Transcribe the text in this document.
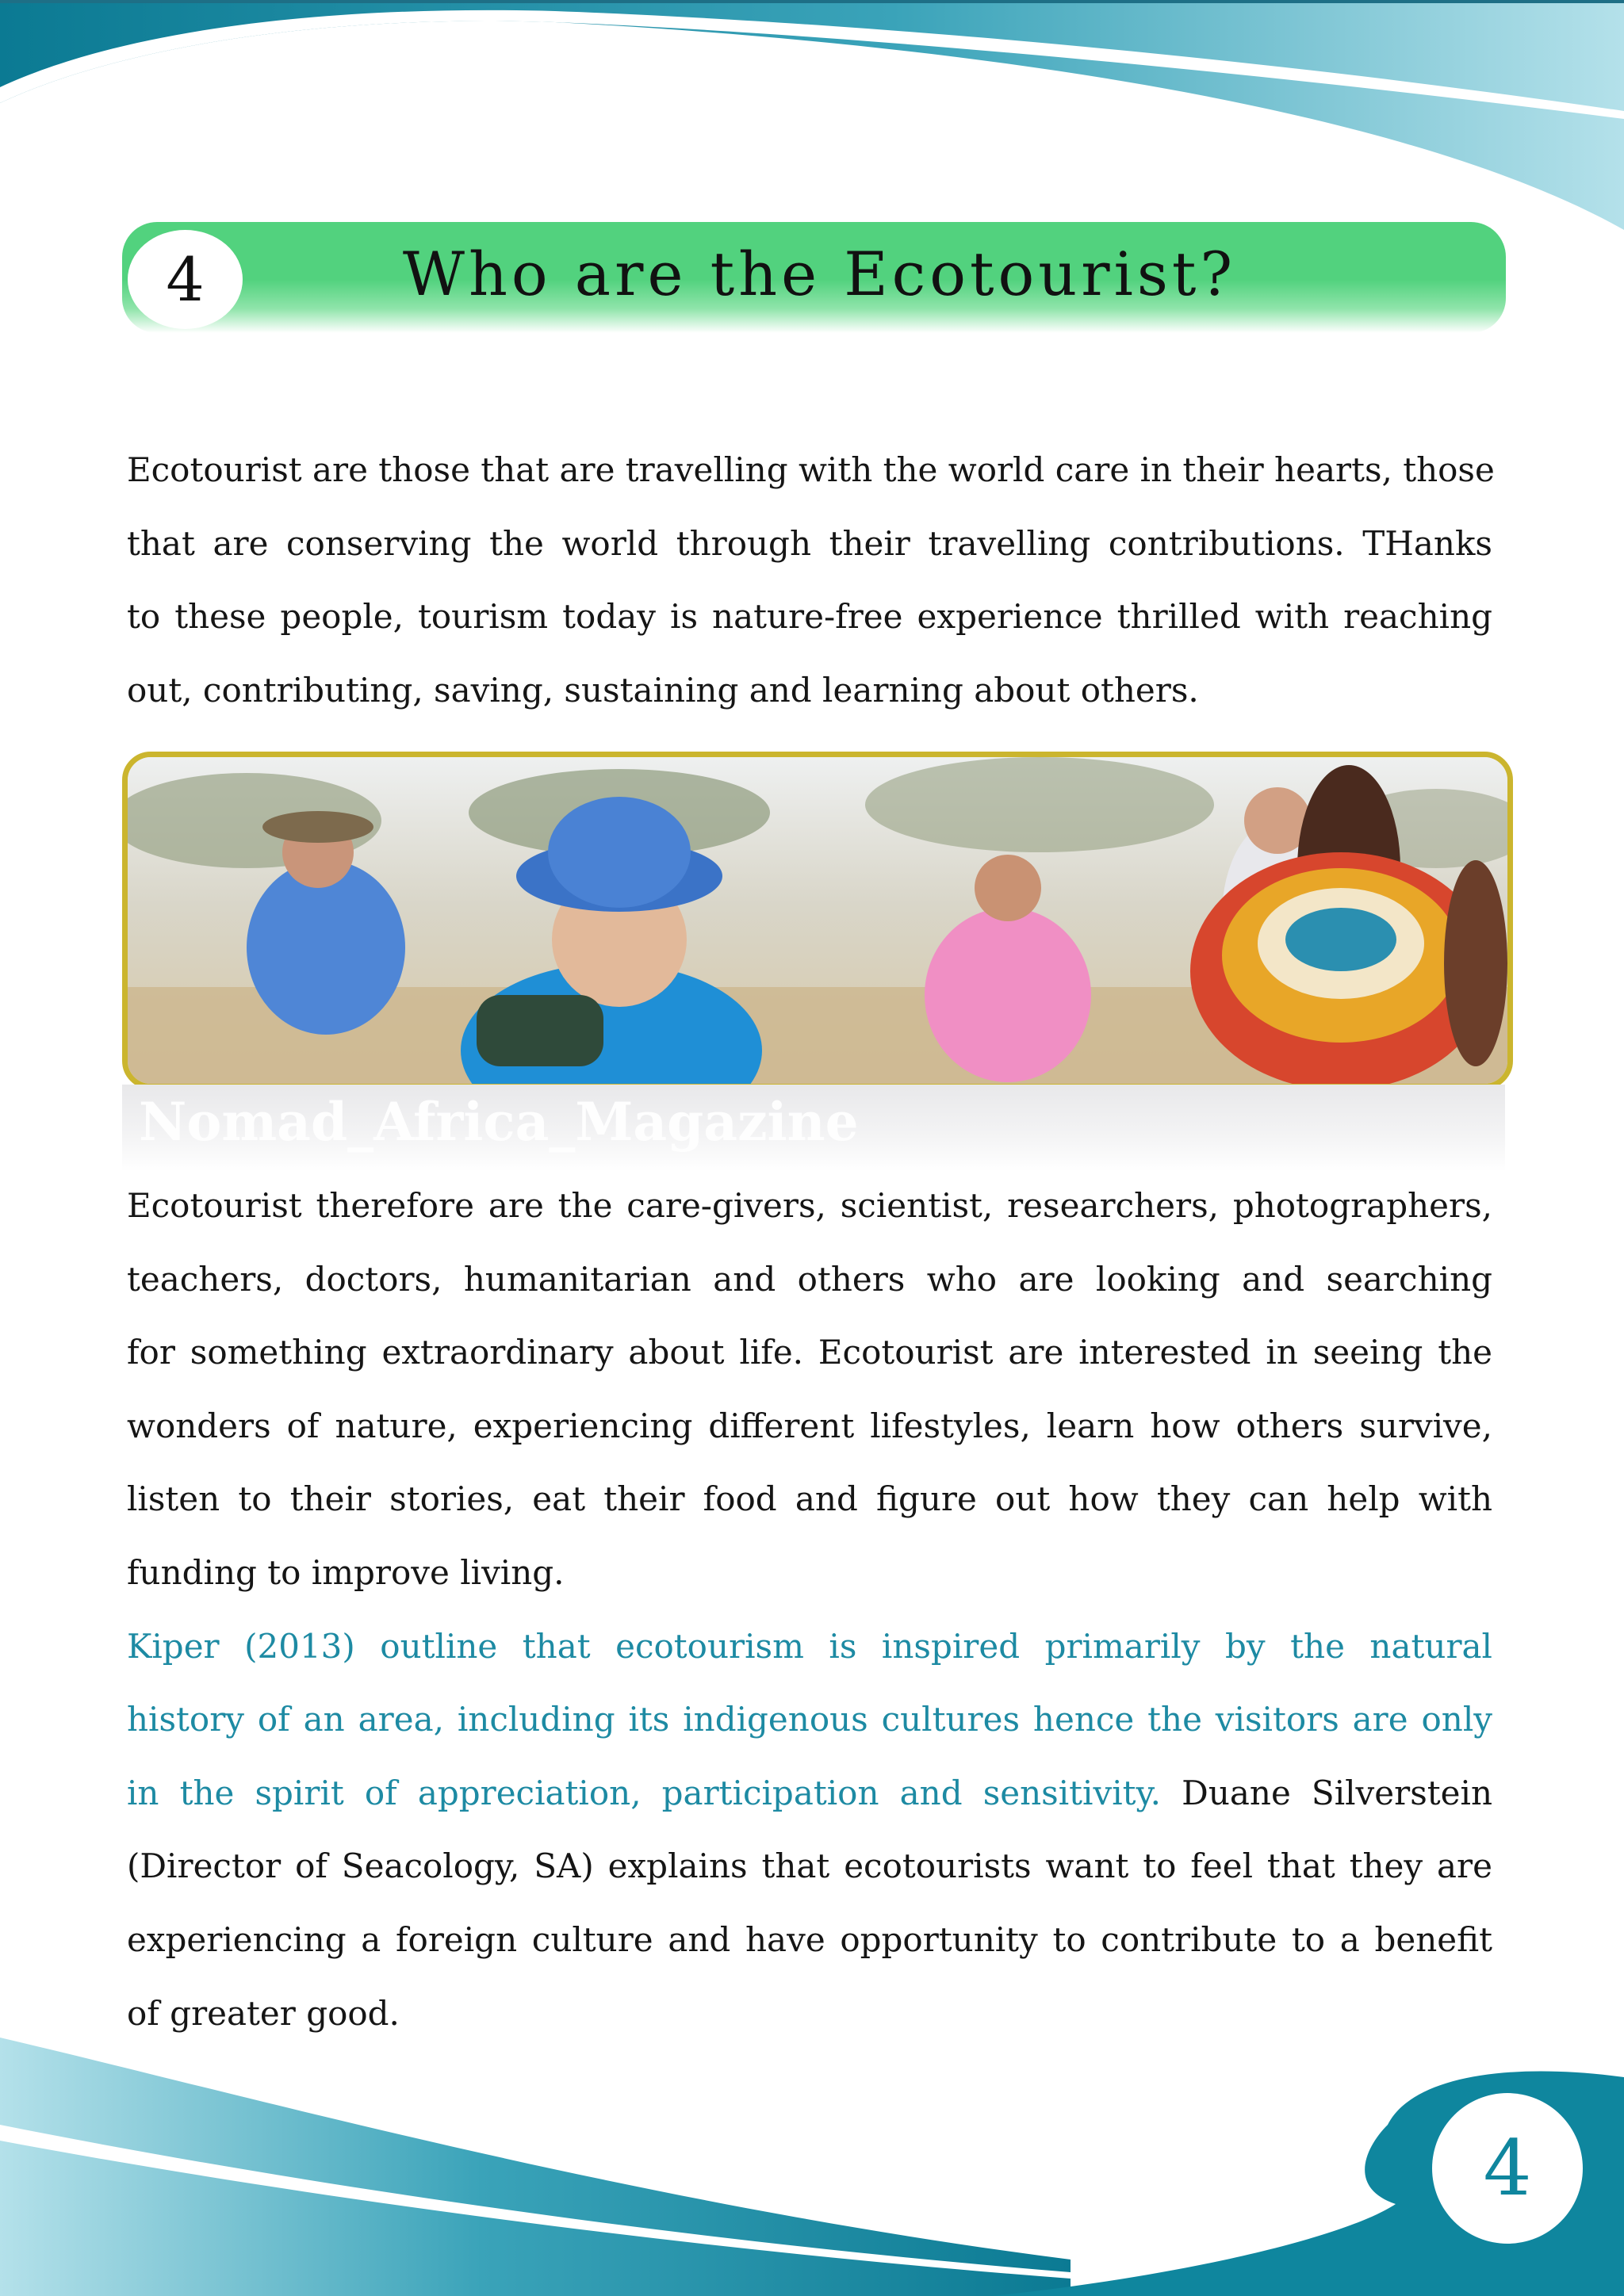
4	Who are the Ecotourist?

Ecotourist are those that are travelling with the world care in their hearts, those
that are conserving the world through their travelling contributions. THanks
to these people, tourism today is nature-free experience thrilled with reaching
out, contributing, saving, sustaining and learning about others.

Nomad_Africa_Magazine

Ecotourist therefore are the care-givers, scientist, researchers, photographers,
teachers, doctors, humanitarian and others who are looking and searching
for something extraordinary about life. Ecotourist are interested in seeing the
wonders of nature, experiencing different lifestyles, learn how others survive,
listen to their stories, eat their food and figure out how they can help with
funding to improve living.
Kiper (2013) outline that ecotourism is inspired primarily by the natural
history of an area, including its indigenous cultures hence the visitors are only
in the spirit of appreciation, participation and sensitivity. Duane Silverstein
(Director of Seacology, SA) explains that ecotourists want to feel that they are
experiencing a foreign culture and have opportunity to contribute to a benefit
of greater good.

4
